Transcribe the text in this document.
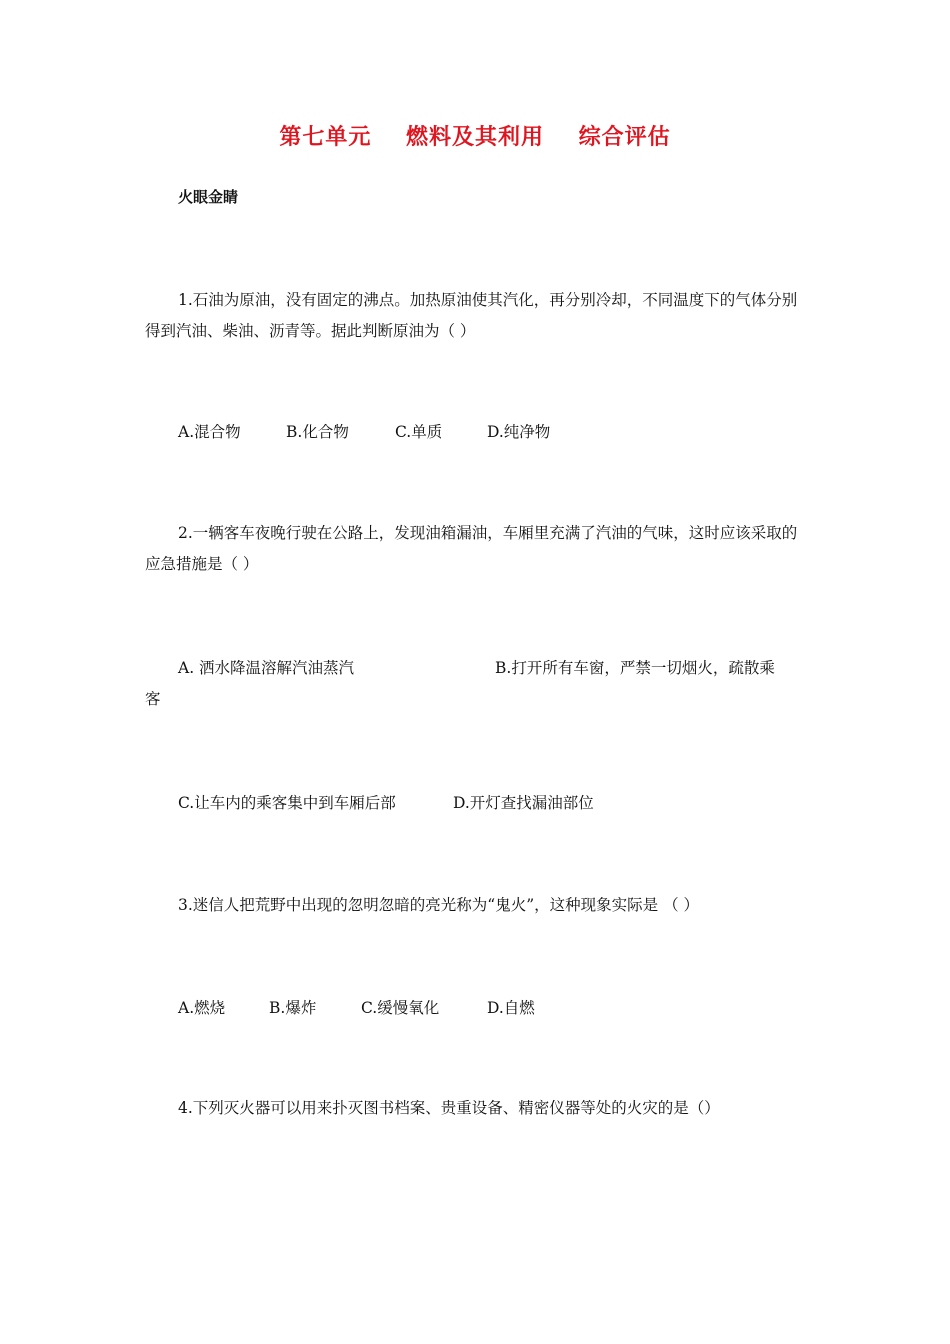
第七单元    燃料及其利用    综合评估
火眼金睛

1.石油为原油，没有固定的沸点。加热原油使其汽化，再分别冷却，不同温度下的气体分别得到汽油、柴油、沥青等。据此判断原油为（ ）

A.混合物	B.化合物	C.单质	D.纯净物

2.一辆客车夜晚行驶在公路上，发现油箱漏油，车厢里充满了汽油的气味，这时应该采取的应急措施是（ ）

A. 洒水降温溶解汽油蒸汽	B.打开所有车窗，严禁一切烟火，疏散乘
客
C.让车内的乘客集中到车厢后部	D.开灯查找漏油部位

3.迷信人把荒野中出现的忽明忽暗的亮光称为“鬼火”，这种现象实际是 （ ）

A.燃烧	B.爆炸	C.缓慢氧化	D.自燃

4.下列灭火器可以用来扑灭图书档案、贵重设备、精密仪器等处的火灾的是（）
